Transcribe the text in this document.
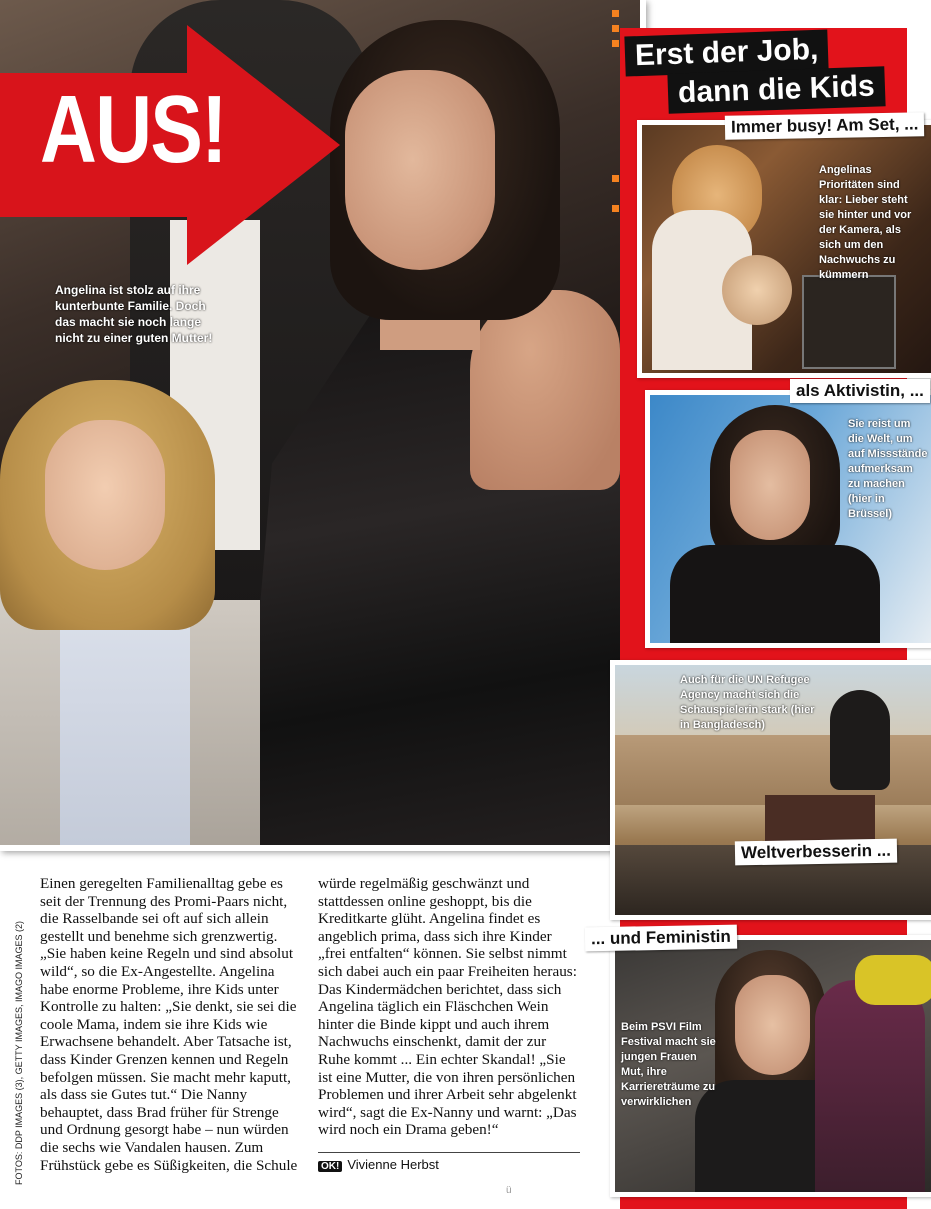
AUS!
Angelina ist stolz auf ihre kunterbunte Familie. Doch das macht sie noch lange nicht zu einer guten Mutter!
Angelinas Prioritäten sind klar: Lieber steht sie hinter und vor der Kamera, als sich um den Nachwuchs zu kümmern
Sie reist um die Welt, um auf Missstände aufmerksam zu machen (hier in Brüssel)
Auch für die UN Refugee Agency macht sich die Schauspielerin stark (hier in Bangladesch)
Beim PSVI Film Festival macht sie jungen Frauen Mut, ihre Karriereträume zu verwirklichen
Erst der Job,
dann die Kids
Immer busy! Am Set, ...
als Aktivistin, ...
Weltverbesserin ...
... und Feministin
Einen geregelten Familienalltag gebe es seit der Trennung des Promi-Paars nicht, die Rasselbande sei oft auf sich allein gestellt und benehme sich grenzwertig. „Sie haben keine Regeln und sind absolut wild“, so die Ex-Angestellte. Angelina habe enorme Probleme, ihre Kids unter Kontrolle zu halten: „Sie denkt, sie sei die coole Mama, indem sie ihre Kids wie Erwachsene behandelt. Aber Tatsache ist, dass Kinder Grenzen kennen und Regeln befolgen müssen. Sie macht mehr kaputt, als dass sie Gutes tut.“ Die Nanny behauptet, dass Brad früher für Strenge und Ordnung gesorgt habe – nun würden die sechs wie Vandalen hausen. Zum Frühstück gebe es Süßigkeiten, die Schule
würde regelmäßig geschwänzt und stattdessen online geshoppt, bis die Kreditkarte glüht. Angelina findet es angeblich prima, dass sich ihre Kinder „frei entfalten“ können. Sie selbst nimmt sich dabei auch ein paar Freiheiten heraus: Das Kindermädchen berichtet, dass sich Angelina täglich ein Fläschchen Wein hinter die Binde kippt und auch ihrem Nachwuchs einschenkt, damit der zur Ruhe kommt ... Ein echter Skandal! „Sie ist eine Mutter, die von ihren persönlichen Problemen und ihrer Arbeit sehr abgelenkt wird“, sagt die Ex-Nanny und warnt: „Das wird noch ein Drama geben!“
OK! Vivienne Herbst
FOTOS: DDP IMAGES (3), GETTY IMAGES, IMAGO IMAGES (2)
ü
